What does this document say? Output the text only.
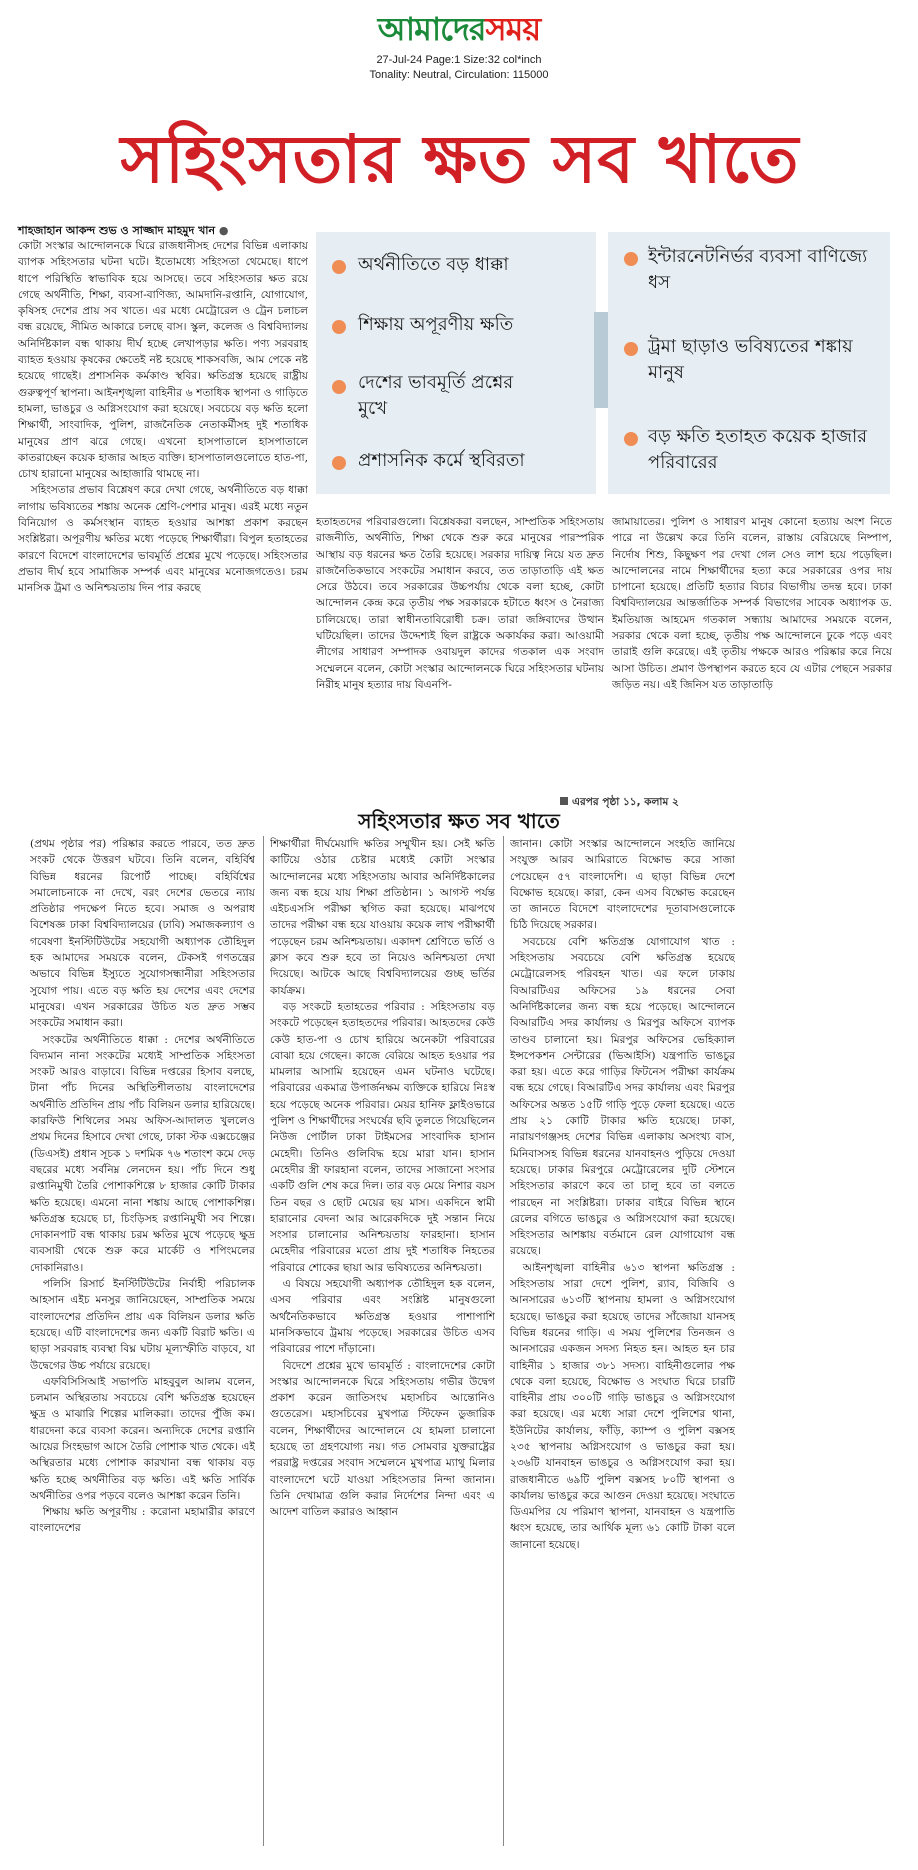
আমাদেরসময়
27-Jul-24 Page:1 Size:32 col*inch
Tonality: Neutral, Circulation: 115000
সহিংসতার ক্ষত সব খাতে
শাহজাহান আকন্দ শুভ ও সাজ্জাদ মাহমুদ খান ●

কোটা সংস্কার আন্দোলনকে ঘিরে রাজধানীসহ দেশের বিভিন্ন এলাকায় ব্যাপক সহিংসতার ঘটনা ঘটে। ইতোমধ্যে সহিংসতা থেমেছে। ধাপে ধাপে পরিস্থিতি স্বাভাবিক হয়ে আসছে। তবে সহিংসতার ক্ষত রয়ে গেছে অর্থনীতি, শিক্ষা, ব্যবসা-বাণিজ্য, আমদানি-রপ্তানি, যোগাযোগ, কৃষিসহ দেশের প্রায় সব খাতে। এর মধ্যে মেট্রোরেল ও ট্রেন চলাচল বন্ধ রয়েছে, সীমিত আকারে চলছে বাস। স্কুল, কলেজ ও বিশ্ববিদ্যালয় অনির্দিষ্টকাল বন্ধ থাকায় দীর্ঘ হচ্ছে লেখাপড়ার ক্ষতি। পণ্য সরবরাহ ব্যাহত হওয়ায় কৃষকের ক্ষেতেই নষ্ট হয়েছে শাকসবজি, আম পেকে নষ্ট হয়েছে গাছেই। প্রশাসনিক কর্মকাণ্ড স্থবির। ক্ষতিগ্রস্ত হয়েছে রাষ্ট্রীয় গুরুত্বপূর্ণ স্থাপনা। আইনশৃঙ্খলা বাহিনীর ৬ শতাধিক স্থাপনা ও গাড়িতে হামলা, ভাঙচুর ও অগ্নিসংযোগ করা হয়েছে। সবচেয়ে বড় ক্ষতি হলো শিক্ষার্থী, সাংবাদিক, পুলিশ, রাজনৈতিক নেতাকর্মীসহ দুই শতাধিক মানুষের প্রাণ ঝরে গেছে। এখনো হাসপাতালে হাসপাতালে কাতরাচ্ছেন কয়েক হাজার আহত ব্যক্তি। হাসপাতালগুলোতে হাত-পা, চোখ হারানো মানুষের আহাজারি থামছে না।

সহিংসতার প্রভাব বিশ্লেষণ করে দেখা গেছে, অর্থনীতিতে বড় ধাক্কা লাগায় ভবিষ্যতের শঙ্কায় অনেক শ্রেণি-পেশার মানুষ। এরই মধ্যে নতুন বিনিয়োগ ও কর্মসংস্থান ব্যাহত হওয়ার আশঙ্কা প্রকাশ করছেন সংশ্লিষ্টরা। অপূরণীয় ক্ষতির মধ্যে পড়েছে শিক্ষার্থীরা। বিপুল হতাহতের কারণে বিদেশে বাংলাদেশের ভাবমূর্তি প্রশ্নের মুখে পড়েছে। সহিংসতার প্রভাব দীর্ঘ হবে সামাজিক সম্পর্ক এবং মানুষের মনোজগতেও। চরম মানসিক ট্রমা ও অনিশ্চয়তায় দিন পার করছে

অর্থনীতিতে বড় ধাক্কা
শিক্ষায় অপূরণীয় ক্ষতি
দেশের ভাবমূর্তি প্রশ্নের মুখে
প্রশাসনিক কর্মে স্থবিরতা
ইন্টারনেটনির্ভর ব্যবসা বাণিজ্যে ধস
ট্রমা ছাড়াও ভবিষ্যতের শঙ্কায় মানুষ
বড় ক্ষতি হতাহত কয়েক হাজার পরিবারের

হতাহতদের পরিবারগুলো। বিশ্লেষকরা বলছেন, সাম্প্রতিক সহিংসতায় রাজনীতি, অর্থনীতি, শিক্ষা থেকে শুরু করে মানুষের পারস্পরিক আস্থায় বড় ধরনের ক্ষত তৈরি হয়েছে। সরকার দায়িত্ব নিয়ে যত দ্রুত রাজনৈতিকভাবে সংকটের সমাধান করবে, তত তাড়াতাড়ি এই ক্ষত সেরে উঠবে। তবে সরকারের উচ্চপর্যায় থেকে বলা হচ্ছে, কোটা আন্দোলন কেন্দ্র করে তৃতীয় পক্ষ সরকারকে হটাতে ধ্বংস ও নৈরাজ্য চালিয়েছে। তারা স্বাধীনতাবিরোধী চক্র। তারা জঙ্গিবাদের উত্থান ঘটিয়েছিল। তাদের উদ্দেশ্যই ছিল রাষ্ট্রকে অকার্যকর করা। আওয়ামী লীগের সাধারণ সম্পাদক ওবায়দুল কাদের গতকাল এক সংবাদ সম্মেলনে বলেন, কোটা সংস্কার আন্দোলনকে ঘিরে সহিংসতার ঘটনায় নিরীহ মানুষ হত্যার দায় বিএনপি-

জামায়াতের। পুলিশ ও সাধারণ মানুষ কোনো হত্যায় অংশ নিতে পারে না উল্লেখ করে তিনি বলেন, রাস্তায় বেরিয়েছে নিষ্পাপ, নির্দোষ শিশু, কিছুক্ষণ পর দেখা গেল সেও লাশ হয়ে পড়েছিল। আন্দোলনের নামে শিক্ষার্থীদের হত্যা করে সরকারের ওপর দায় চাপানো হয়েছে। প্রতিটি হত্যার বিচার বিভাগীয় তদন্ত হবে। ঢাকা বিশ্ববিদ্যালয়ের আন্তর্জাতিক সম্পর্ক বিভাগের সাবেক অধ্যাপক ড. ইমতিয়াজ আহমেদ গতকাল সন্ধ্যায় আমাদের সময়কে বলেন, সরকার থেকে বলা হচ্ছে, তৃতীয় পক্ষ আন্দোলনে ঢুকে পড়ে এবং তারাই গুলি করেছে। এই তৃতীয় পক্ষকে আরও পরিষ্কার করে নিয়ে আসা উচিত। প্রমাণ উপস্থাপন করতে হবে যে এটার পেছনে সরকার জড়িত নয়। এই জিনিস যত তাড়াতাড়ি

এরপর পৃষ্ঠা ১১, কলাম ২
সহিংসতার ক্ষত সব খাতে

(প্রথম পৃষ্ঠার পর) পরিষ্কার করতে পারবে, তত দ্রুত সংকট থেকে উত্তরণ ঘটবে। তিনি বলেন, বহির্বিশ্ব বিভিন্ন ধরনের রিপোর্ট পাচ্ছে। বহির্বিশ্বের সমালোচনাকে না দেখে, বরং দেশের ভেতরে ন্যায় প্রতিষ্ঠার পদক্ষেপ নিতে হবে। সমাজ ও অপরাধ বিশেষজ্ঞ ঢাকা বিশ্ববিদ্যালয়ের (ঢাবি) সমাজকল্যাণ ও গবেষণা ইনস্টিটিউটের সহযোগী অধ্যাপক তৌহিদুল হক আমাদের সময়কে বলেন, টেকসই গণতন্ত্রের অভাবে বিভিন্ন ইস্যুতে সুযোগসন্ধানীরা সহিংসতার সুযোগ পায়। এতে বড় ক্ষতি হয় দেশের এবং দেশের মানুষের। এখন সরকারের উচিত যত দ্রুত সম্ভব সংকটের সমাধান করা।

সংকটের অর্থনীতিতে ধাক্কা : দেশের অর্থনীতিতে বিদ্যমান নানা সংকটের মধ্যেই সাম্প্রতিক সহিংসতা সংকট আরও বাড়াবে। বিভিন্ন দপ্তরের হিসাব বলছে, টানা পাঁচ দিনের অস্থিতিশীলতায় বাংলাদেশের অর্থনীতি প্রতিদিন প্রায় পাঁচ বিলিয়ন ডলার হারিয়েছে। কারফিউ শিথিলের সময় অফিস-আদালত খুললেও প্রথম দিনের হিসাবে দেখা গেছে, ঢাকা স্টক এক্সচেঞ্জের (ডিএসই) প্রধান সূচক ১ দশমিক ৭৬ শতাংশ কমে দেড় বছরের মধ্যে সর্বনিম্ন লেনদেন হয়। পাঁচ দিনে শুধু রপ্তানিমুখী তৈরি পোশাকশিল্পে ৮ হাজার কোটি টাকার ক্ষতি হয়েছে। এমনো নানা শঙ্কায় আছে পোশাকশিল্প। ক্ষতিগ্রস্ত হয়েছে চা, চিংড়িসহ রপ্তানিমুখী সব শিল্পে। দোকানপাট বন্ধ থাকায় চরম ক্ষতির মুখে পড়েছে ক্ষুদ্র ব্যবসায়ী থেকে শুরু করে মার্কেট ও শপিংমলের দোকানিরাও।

পলিসি রিসার্চ ইনস্টিটিউটের নির্বাহী পরিচালক আহসান এইচ মনসুর জানিয়েছেন, সাম্প্রতিক সময়ে বাংলাদেশের প্রতিদিন প্রায় এক বিলিয়ন ডলার ক্ষতি হয়েছে। এটি বাংলাদেশের জন্য একটি বিরাট ক্ষতি। এ ছাড়া সরবরাহ ব্যবস্থা বিঘ্ন ঘটায় মূল্যস্ফীতি বাড়বে, যা উদ্বেগের উচ্চ পর্যায়ে রয়েছে।

এফবিসিসিআই সভাপতি মাহবুবুল আলম বলেন, চলমান অস্থিরতায় সবচেয়ে বেশি ক্ষতিগ্রস্ত হয়েছেন ক্ষুদ্র ও মাঝারি শিল্পের মালিকরা। তাদের পুঁজি কম। ধারদেনা করে ব্যবসা করেন। অন্যদিকে দেশের রপ্তানি আয়ের সিংহভাগ আসে তৈরি পোশাক খাত থেকে। এই অস্থিরতার মধ্যে পোশাক কারখানা বন্ধ থাকায় বড় ক্ষতি হচ্ছে অর্থনীতির বড় ক্ষতি। এই ক্ষতি সার্বিক অর্থনীতির ওপর পড়বে বলেও আশঙ্কা করেন তিনি।

শিক্ষায় ক্ষতি অপূরণীয় : করোনা মহামারীর কারণে বাংলাদেশের

শিক্ষার্থীরা দীর্ঘমেয়াদি ক্ষতির সম্মুখীন হয়। সেই ক্ষতি কাটিয়ে ওঠার চেষ্টার মধ্যেই কোটা সংস্কার আন্দোলনের মধ্যে সহিংসতায় আবার অনির্দিষ্টকালের জন্য বন্ধ হয়ে যায় শিক্ষা প্রতিষ্ঠান। ১ আগস্ট পর্যন্ত এইচএসসি পরীক্ষা স্থগিত করা হয়েছে। মাঝপথে তাদের পরীক্ষা বন্ধ হয়ে যাওয়ায় কয়েক লাখ পরীক্ষার্থী পড়েছেন চরম অনিশ্চয়তায়। একাদশ শ্রেণিতে ভর্তি ও ক্লাস কবে শুরু হবে তা নিয়েও অনিশ্চয়তা দেখা দিয়েছে। আটকে আছে বিশ্ববিদ্যালয়ের গুচ্ছ ভর্তির কার্যক্রম।

বড় সংকটে হতাহতের পরিবার : সহিংসতায় বড় সংকটে পড়েছেন হতাহতদের পরিবার। আহতদের কেউ কেউ হাত-পা ও চোখ হারিয়ে অনেকটা পরিবারের বোঝা হয়ে গেছেন। কাজে বেরিয়ে আহত হওয়ার পর মামলার আসামি হয়েছেন এমন ঘটনাও ঘটেছে। পরিবারের একমাত্র উপার্জনক্ষম ব্যক্তিকে হারিয়ে নিঃস্ব হয়ে পড়েছে অনেক পরিবার। মেয়র হানিফ ফ্লাইওভারে পুলিশ ও শিক্ষার্থীদের সংঘর্ষের ছবি তুলতে গিয়েছিলেন নিউজ পোর্টাল ঢাকা টাইমসের সাংবাদিক হাসান মেহেদী। তিনিও গুলিবিদ্ধ হয়ে মারা যান। হাসান মেহেদীর স্ত্রী ফারহানা বলেন, তাদের সাজানো সংসার একটি গুলি শেষ করে দিল। তার বড় মেয়ে নিশার বয়স তিন বছর ও ছোট মেয়ের ছয় মাস। একদিনে স্বামী হারানোর বেদনা আর আরেকদিকে দুই সন্তান নিয়ে সংসার চালানোর অনিশ্চয়তায় ফারহানা। হাসান মেহেদীর পরিবারের মতো প্রায় দুই শতাধিক নিহতের পরিবারে শোকের ছায়া আর ভবিষ্যতের অনিশ্চয়তা।

এ বিষয়ে সহযোগী অধ্যাপক তৌহিদুল হক বলেন, এসব পরিবার এবং সংশ্লিষ্ট মানুষগুলো অর্থনৈতিকভাবে ক্ষতিগ্রস্ত হওয়ার পাশাপাশি মানসিকভাবে ট্রমায় পড়েছে। সরকারের উচিত এসব পরিবারের পাশে দাঁড়ানো।

বিদেশে প্রশ্নের মুখে ভাবমূর্তি : বাংলাদেশের কোটা সংস্কার আন্দোলনকে ঘিরে সহিংসতায় গভীর উদ্বেগ প্রকাশ করেন জাতিসংঘ মহাসচিব আন্তোনিও গুতেরেস। মহাসচিবের মুখপাত্র স্টিফেন ডুজারিক বলেন, শিক্ষার্থীদের আন্দোলনে যে হামলা চালানো হয়েছে তা গ্রহণযোগ্য নয়। গত সোমবার যুক্তরাষ্ট্রের পররাষ্ট্র দপ্তরের সংবাদ সম্মেলনে মুখপাত্র ম্যাথু মিলার বাংলাদেশে ঘটে যাওয়া সহিংসতার নিন্দা জানান। তিনি দেখামাত্র গুলি করার নির্দেশের নিন্দা এবং এ আদেশ বাতিল করারও আহ্বান

জানান। কোটা সংস্কার আন্দোলনে সংহতি জানিয়ে সংযুক্ত আরব আমিরাতে বিক্ষোভ করে সাজা পেয়েছেন ৫৭ বাংলাদেশি। এ ছাড়া বিভিন্ন দেশে বিক্ষোভ হয়েছে। কারা, কেন এসব বিক্ষোভ করেছেন তা জানতে বিদেশে বাংলাদেশের দূতাবাসগুলোকে চিঠি দিয়েছে সরকার।

সবচেয়ে বেশি ক্ষতিগ্রস্ত যোগাযোগ খাত : সহিংসতায় সবচেয়ে বেশি ক্ষতিগ্রস্ত হয়েছে মেট্রোরেলসহ পরিবহন খাত। এর ফলে ঢাকায় বিআরটিএর অফিসের ১৯ ধরনের সেবা অনির্দিষ্টকালের জন্য বন্ধ হয়ে পড়েছে। আন্দোলনে বিআরটিএ সদর কার্যালয় ও মিরপুর অফিসে ব্যাপক তাণ্ডব চালানো হয়। মিরপুর অফিসের ভেহিক্যাল ইন্সপেকশন সেন্টারের (ভিআইসি) যন্ত্রপাতি ভাঙচুর করা হয়। এতে করে গাড়ির ফিটনেস পরীক্ষা কার্যক্রম বন্ধ হয়ে গেছে। বিআরটিএ সদর কার্যালয় এবং মিরপুর অফিসের অন্তত ১৫টি গাড়ি পুড়ে ফেলা হয়েছে। এতে প্রায় ২১ কোটি টাকার ক্ষতি হয়েছে। ঢাকা, নারায়ণগঞ্জসহ দেশের বিভিন্ন এলাকায় অসংখ্য বাস, মিনিবাসসহ বিভিন্ন ধরনের যানবাহনও পুড়িয়ে দেওয়া হয়েছে। ঢাকার মিরপুরে মেট্রোরেলের দুটি স্টেশনে সহিংসতার কারণে কবে তা চালু হবে তা বলতে পারছেন না সংশ্লিষ্টরা। ঢাকার বাইরে বিভিন্ন স্থানে রেলের বগিতে ভাঙচুর ও অগ্নিসংযোগ করা হয়েছে। সহিংসতার আশঙ্কায় বর্তমানে রেল যোগাযোগ বন্ধ রয়েছে।

আইনশৃঙ্খলা বাহিনীর ৬১৩ স্থাপনা ক্ষতিগ্রস্ত : সহিংসতায় সারা দেশে পুলিশ, র‍্যাব, বিজিবি ও আনসারের ৬১৩টি স্থাপনায় হামলা ও অগ্নিসংযোগ হয়েছে। ভাঙচুর করা হয়েছে তাদের সাঁজোয়া যানসহ বিভিন্ন ধরনের গাড়ি। এ সময় পুলিশের তিনজন ও আনসারের একজন সদস্য নিহত হন। আহত হন চার বাহিনীর ১ হাজার ৩৮১ সদস্য। বাহিনীগুলোর পক্ষ থেকে বলা হয়েছে, বিক্ষোভ ও সংঘাত ঘিরে চারটি বাহিনীর প্রায় ৩০০টি গাড়ি ভাঙচুর ও অগ্নিসংযোগ করা হয়েছে। এর মধ্যে সারা দেশে পুলিশের থানা, ইউনিটের কার্যালয়, ফাঁড়ি, ক্যাম্প ও পুলিশ বক্সসহ ২৩৫ স্থাপনায় অগ্নিসংযোগ ও ভাঙচুর করা হয়। ২৩৬টি যানবাহন ভাঙচুর ও অগ্নিসংযোগ করা হয়। রাজধানীতে ৬৯টি পুলিশ বক্সসহ ৮০টি স্থাপনা ও কার্যালয় ভাঙচুর করে আগুন দেওয়া হয়েছে। সংঘাতে ডিএমপির যে পরিমাণ স্থাপনা, যানবাহন ও যন্ত্রপাতি ধ্বংস হয়েছে, তার আর্থিক মূল্য ৬১ কোটি টাকা বলে জানানো হয়েছে।
